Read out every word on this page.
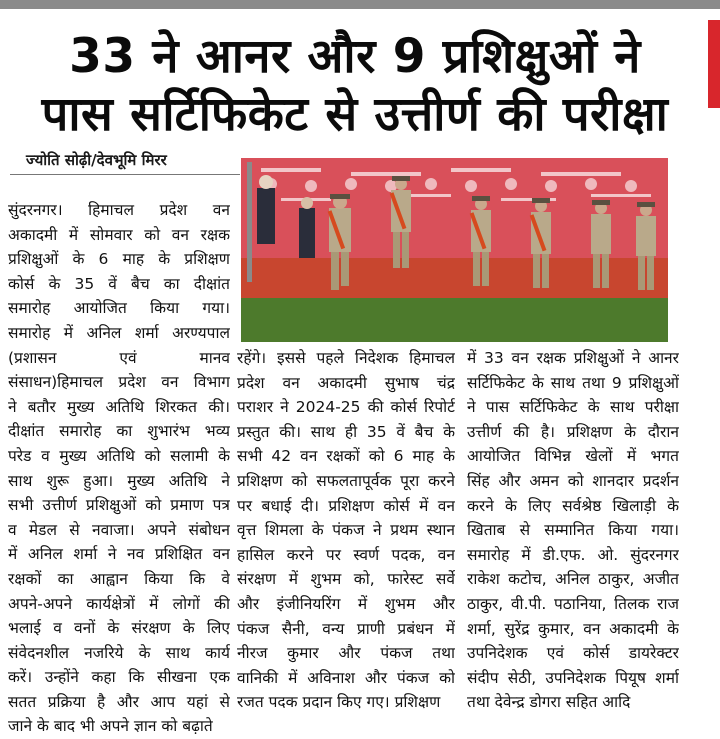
33 ने आनर और 9 प्रशिक्षुओं ने
पास सर्टिफिकेट से उत्तीर्ण की परीक्षा
ज्योति सोढ़ी/देवभूमि मिरर
सुंदरनगर। हिमाचल प्रदेश वन
अकादमी में सोमवार को वन रक्षक
प्रशिक्षुओं के 6 माह के प्रशिक्षण
कोर्स के 35 वें बैच का दीक्षांत
समारोह आयोजित किया गया।
समारोह में अनिल शर्मा अरण्यपाल
(प्रशासन एवं मानव
संसाधन)हिमाचल प्रदेश वन विभाग
ने बतौर मुख्य अतिथि शिरकत की।
दीक्षांत समारोह का शुभारंभ भव्य
परेड व मुख्य अतिथि को सलामी के
साथ शुरू हुआ। मुख्य अतिथि ने
सभी उत्तीर्ण प्रशिक्षुओं को प्रमाण पत्र
व मेडल से नवाजा। अपने संबोधन
में अनिल शर्मा ने नव प्रशिक्षित वन
रक्षकों का आह्वान किया कि वे
अपने-अपने कार्यक्षेत्रों में लोगों की
भलाई व वनों के संरक्षण के लिए
संवेदनशील नजरिये के साथ कार्य
करें। उन्होंने कहा कि सीखना एक
सतत प्रक्रिया है और आप यहां से
जाने के बाद भी अपने ज्ञान को बढ़ाते
रहेंगे। इससे पहले निदेशक हिमाचल
प्रदेश वन अकादमी सुभाष चंद्र
पराशर ने 2024-25 की कोर्स रिपोर्ट
प्रस्तुत की। साथ ही 35 वें बैच के
सभी 42 वन रक्षकों को 6 माह के
प्रशिक्षण को सफलतापूर्वक पूरा करने
पर बधाई दी। प्रशिक्षण कोर्स में वन
वृत्त शिमला के पंकज ने प्रथम स्थान
हासिल करने पर स्वर्ण पदक, वन
संरक्षण में शुभम को, फारेस्ट सर्वे
और इंजीनियरिंग में शुभम और
पंकज सैनी, वन्य प्राणी प्रबंधन में
नीरज कुमार और पंकज तथा
वानिकी में अविनाश और पंकज को
रजत पदक प्रदान किए गए। प्रशिक्षण
में 33 वन रक्षक प्रशिक्षुओं ने आनर
सर्टिफिकेट के साथ तथा 9 प्रशिक्षुओं
ने पास सर्टिफिकेट के साथ परीक्षा
उत्तीर्ण की है। प्रशिक्षण के दौरान
आयोजित विभिन्न खेलों में भगत
सिंह और अमन को शानदार प्रदर्शन
करने के लिए सर्वश्रेष्ठ खिलाड़ी के
खिताब से सम्मानित किया गया।
समारोह में डी.एफ. ओ. सुंदरनगर
राकेश कटोच, अनिल ठाकुर, अजीत
ठाकुर, वी.पी. पठानिया, तिलक राज
शर्मा, सुरेंद्र कुमार, वन अकादमी के
उपनिदेशक एवं कोर्स डायरेक्टर
संदीप सेठी, उपनिदेशक पियूष शर्मा
तथा देवेन्द्र डोगरा सहित आदि
